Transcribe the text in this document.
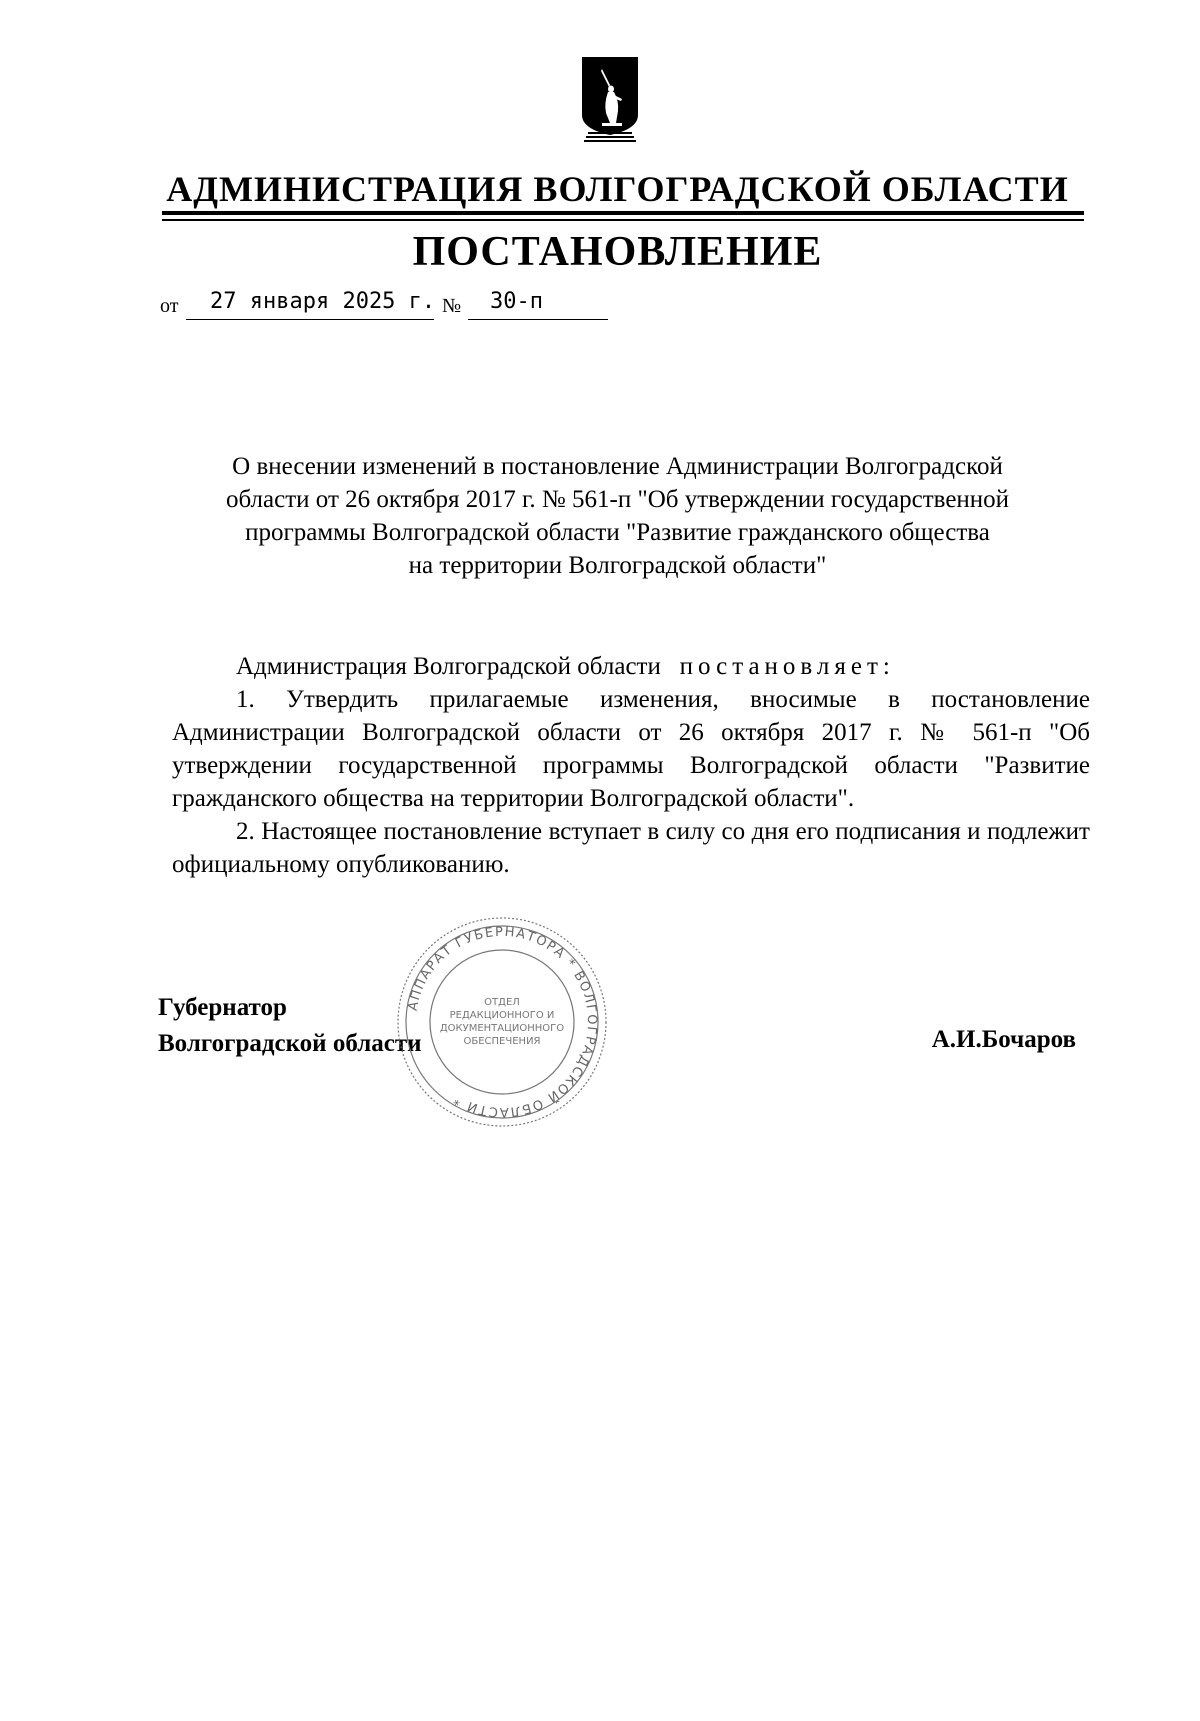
АДМИНИСТРАЦИЯ ВОЛГОГРАДСКОЙ ОБЛАСТИ
ПОСТАНОВЛЕНИЕ
от 27 января 2025 г. № 30-п
О внесении изменений в постановление Администрации Волгоградской
области от 26 октября 2017 г. № 561-п "Об утверждении государственной
программы Волгоградской области "Развитие гражданского общества
на территории Волгоградской области"

Администрация Волгоградской области постановляет:

1. Утвердить прилагаемые изменения, вносимые в постановление Администрации Волгоградской области от 26 октября 2017 г. № 561-п "Об утверждении государственной программы Волгоградской области "Развитие гражданского общества на территории Волгоградской области".

2. Настоящее постановление вступает в силу со дня его подписания и подлежит официальному опубликованию.

Губернатор
Волгоградской области	А.И.Бочаров
АППАРАТ ГУБЕРНАТОРА * ВОЛГОГРАДСКОЙ ОБЛАСТИ *
ОТДЕЛ
РЕДАКЦИОННОГО И
ДОКУМЕНТАЦИОННОГО
ОБЕСПЕЧЕНИЯ
